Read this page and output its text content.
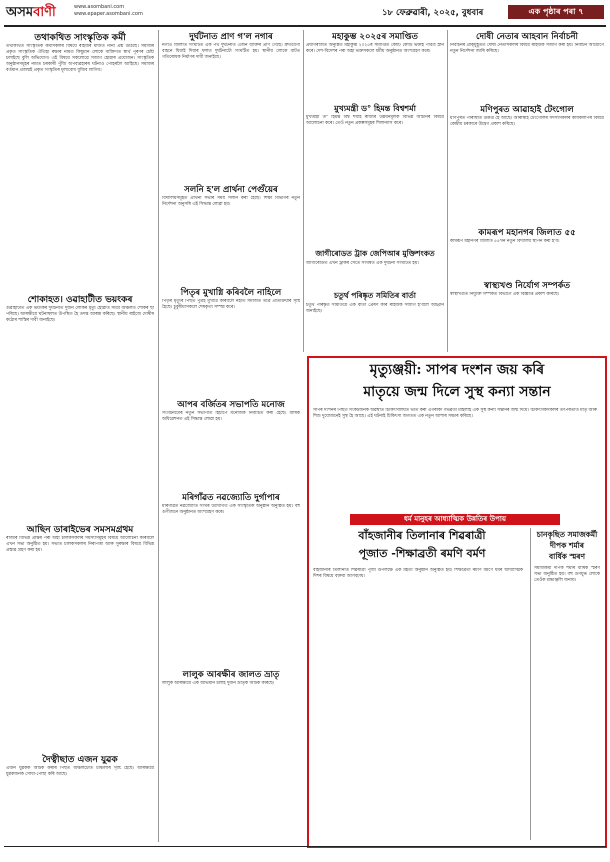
অসমবাণী	www.asombani.com
www.epaper.asombani.com	১৮ ফেব্ৰুৱাৰী, ২০২৫, বুধবাৰ	এক পৃষ্ঠাৰ পৰা ৭
তথাকথিত সাংস্কৃতিক কৰ্মী
তথাকথিত সাংস্কৃতিক কৰ্মীসকলৰ বিষয়ে ৰাইজৰ মাজত নানা প্ৰশ্ন উঠিছে। সমাজৰ প্ৰকৃত সাংস্কৃতিক ঐতিহ্য ৰক্ষাৰ নামত কিছুমান লোকে ব্যক্তিগত স্বাৰ্থ পূৰণৰ চেষ্টা চলাইছে বুলি অভিযোগ। এই বিষয়ে সকলোৱে সজাগ হোৱাৰ প্ৰয়োজন। সাংস্কৃতিক অনুষ্ঠানসমূহৰ নামত চৰকাৰী পুঁজি অপব্যৱহাৰৰ ঘটনাও পোহৰলৈ আহিছে। সমাজৰ বৰ্তমান প্ৰজন্মই প্ৰকৃত সংস্কৃতিৰ মূল্যবোধ বুজিব লাগিব।
শোকাহত। ওৱাহাটীত ভয়ংকৰ
গুৱাহাটীত এক ভয়ংকৰ দুৰ্ঘটনাত দুজন লোকৰ মৃত্যু হোৱাত সমগ্ৰ অঞ্চলত শোকৰ ছাঁ পৰিছে। আৰক্ষীয়ে ঘটনাস্থলত উপস্থিত হৈ তদন্ত আৰম্ভ কৰিছে। স্থানীয় ৰাইজে দোষীৰ কঠোৰ শাস্তিৰ দাবী জনাইছে।
আছিন ডাৰাইভেৰ সমসমগ্ৰথম
ৰাজ্যৰ বিভিন্ন প্ৰান্তৰ পৰা অহা চালকসকলৰ সমস্যাসমূহৰ বিষয়ে আলোচনা কৰিবলৈ এখন সভা অনুষ্ঠিত হয়। সভাত চালকসকলৰ নিৰাপত্তা আৰু সুৰক্ষাৰ বিষয়ে বিভিন্ন প্ৰস্তাৱ গ্ৰহণ কৰা হয়।
দৈত্বীছাত এজন যুৱক
এজন যুৱকক আটক কৰাৰ পিছত অঞ্চলটোত চাঞ্চল্যৰ সৃষ্টি হৈছে। আৰক্ষীয়ে যুৱকজনক সোধা-পোছা কৰি আছে।
দুৰ্ঘটনাত প্ৰাণ গ'ল নগাৰ
নগাঁও জিলাত সংঘটিত এক পথ দুৰ্ঘটনাত এজন ব্যক্তিৰ প্ৰাণ গৈছে। দ্ৰুতবেগী বাহনে ধিয়াই দিয়াৰ ফলত দুৰ্ঘটনাটো সংঘটিত হয়। স্থানীয় লোকে বাটত গতিৰোধক নিৰ্মাণৰ দাবী জনাইছে।
সলনি হ'ল প্ৰাৰ্থনা পেগুঁয়েৰ
বিদ্যালয়সমূহত প্ৰাৰ্থনা সভাৰ সময় সলনি কৰা হৈছে। শিক্ষা বিভাগৰ নতুন নিৰ্দেশনা অনুসৰি এই সিদ্ধান্ত লোৱা হয়।
পিতৃৰ মুখাগ্নি কৰিবলৈ নাহিলে
পিতৃৰ মৃত্যুৰ পিছত পুত্ৰই মুখাগ্নি কৰিবলৈ নহাত সমাজত তীব্ৰ প্ৰতিক্ৰিয়াৰ সৃষ্টি হৈছে। চুবুৰীয়াসকলে শেষকৃত্য সম্পন্ন কৰে।
আপৰ বৰ্জিতৰ সভাপতি মনোজ
সংগঠনটোৰ নতুন সভাপতি হিচাপে মনোজক নিৰ্বাচিত কৰা হৈছে। বাৰ্ষিক অধিৱেশনত এই সিদ্ধান্ত লোৱা হয়।
মৰিগাঁৱত নৱজ্যোতি দুৰ্গাপাৰ
মৰিগাঁৱত নৱজ্যোতি সংঘৰ উদ্যোগত এক সাংস্কৃতিক অনুষ্ঠান অনুষ্ঠিত হয়। বহু গুণীজনে অনুষ্ঠানত অংশগ্ৰহণ কৰে।
লালুক আৰক্ষীৰ জালত ভ্ৰাতৃ
লালুক আৰক্ষীয়ে এক অভিযান চলাই দুজন ভ্ৰাতৃক আটক কৰিছে।
মহাকুম্ভ ২০২৫ৰ সমাপ্তিত
প্ৰয়াগৰাজত অনুষ্ঠিত মহাকুম্ভ ২০২৫ৰ সমাপ্তিত কোটি কোটি ভক্তই পবিত্ৰ স্নান কৰে। দেশ-বিদেশৰ পৰা অহা ভক্তসকলে ধৰ্মীয় অনুষ্ঠানত অংশগ্ৰহণ কৰে।
মুখ্যমন্ত্ৰী ড° হিমন্ত বিশ্বশৰ্মা
মুখ্যমন্ত্ৰী ড° হিমন্ত বিশ্ব শৰ্মাই ৰাজ্যৰ উন্নয়নমূলক বিভিন্ন আঁচনিৰ বিষয়ে আলোচনা কৰে। তেওঁ নতুন প্ৰকল্পসমূহৰ শিলান্যাস কৰে।
জাগীৰোডত ট্ৰাক জেপিআৰ মুক্তিশংকত
জাগীৰোডত এখন ট্ৰাকৰ সৈতে সংঘৰ্ষত এক দুৰ্ঘটনা সংঘটিত হয়।
চতুৰ্থ পৰিষ্কৃত সমিতিৰ বাৰ্তা
চতুৰ্থ পৰিষ্কৃত সমিতিয়ে এক বাৰ্তা প্ৰেৰণ কৰি ৰাইজক সজাগ হ'বলৈ আহ্বান জনাইছে।
দোষী নেতাৰ আহবান নিৰ্বাচনী
নিৰ্বাচনৰ প্ৰাক্‌মুহূৰ্তত দোষী নেতাসকলৰ বিষয়ে ৰাইজক সজাগ কৰা হয়। নিৰ্বাচন আয়োগে নতুন নিৰ্দেশনা জাৰি কৰিছে।
মণিপুৰত আৱাহাই টেংগোল
মণিপুৰত পৰিস্থিতি উত্তপ্ত হৈ আছে। আৰাম্বাই টেংগোলৰ সদস্যসকলৰ কাৰ্যকলাপৰ বিষয়ে কেন্দ্ৰীয় চৰকাৰে উদ্বেগ প্ৰকাশ কৰিছে।
কামৰূপ মহানগৰ জিলাত ৫৫
কামৰূপ মহানগৰ জিলাত ৫৫খন নতুন বিদ্যালয় স্থাপন কৰা হ'ব।
স্বাস্থ্যখণ্ড নিৰ্যোগ সম্পৰ্কত
স্বাস্থ্যখণ্ডত নিযুক্তি সম্পৰ্কত বিভাগে এক বিজ্ঞপ্তি প্ৰকাশ কৰিছে।
মৃত্যুঞ্জয়ী: সাপৰ দংশন জয় কৰি
মাতৃয়ে জন্ম দিলে সুস্থ কন্যা সন্তান
সাপৰ দংশনৰ পিছত সংকটজনক অৱস্থাত চিকিৎসালয়ত ভৰ্তি কৰা এগৰাকী গৰ্ভৱতী মহিলাই এক সুস্থ কন্যা সন্তানৰ জন্ম দিয়ে। চিকিৎসকসকলৰ তৎপৰতাত মাতৃ আৰু শিশু দুয়োজনেই সুস্থ হৈ আছে। এই ঘটনাই চিকিৎসা জগতত এক নতুন আশাৰ সঞ্চাৰ কৰিছে।
ধৰ্ম মানুহৰ আধ্যাত্মিক উন্নতিৰ উপায়
বাঁহজানীৰ তিলানাৰ শিৱৰাত্ৰী
পূজাত -শিক্ষাব্ৰতী ৰমণি বৰ্মণ
বাঁহজানীৰ তিলানাত শিৱৰাত্ৰী পূজা উপলক্ষে এক মহতী অনুষ্ঠান অনুষ্ঠিত হয়। শিক্ষাব্ৰতী ৰমণি বৰ্মণে ধৰ্মৰ আধ্যাত্মিক দিশৰ বিষয়ে বক্তব্য আগবঢ়ায়।
চানকৃছিত সমাজকৰ্মী
দীপক শৰ্মাৰ
বাৰ্ষিক স্মৰণ
সমাজকৰ্মী দীপক শৰ্মাৰ বাৰ্ষিক স্মৰণ সভা অনুষ্ঠিত হয়। বহু গুণমুগ্ধ লোকে তেওঁক শ্ৰদ্ধাঞ্জলি জনায়।
